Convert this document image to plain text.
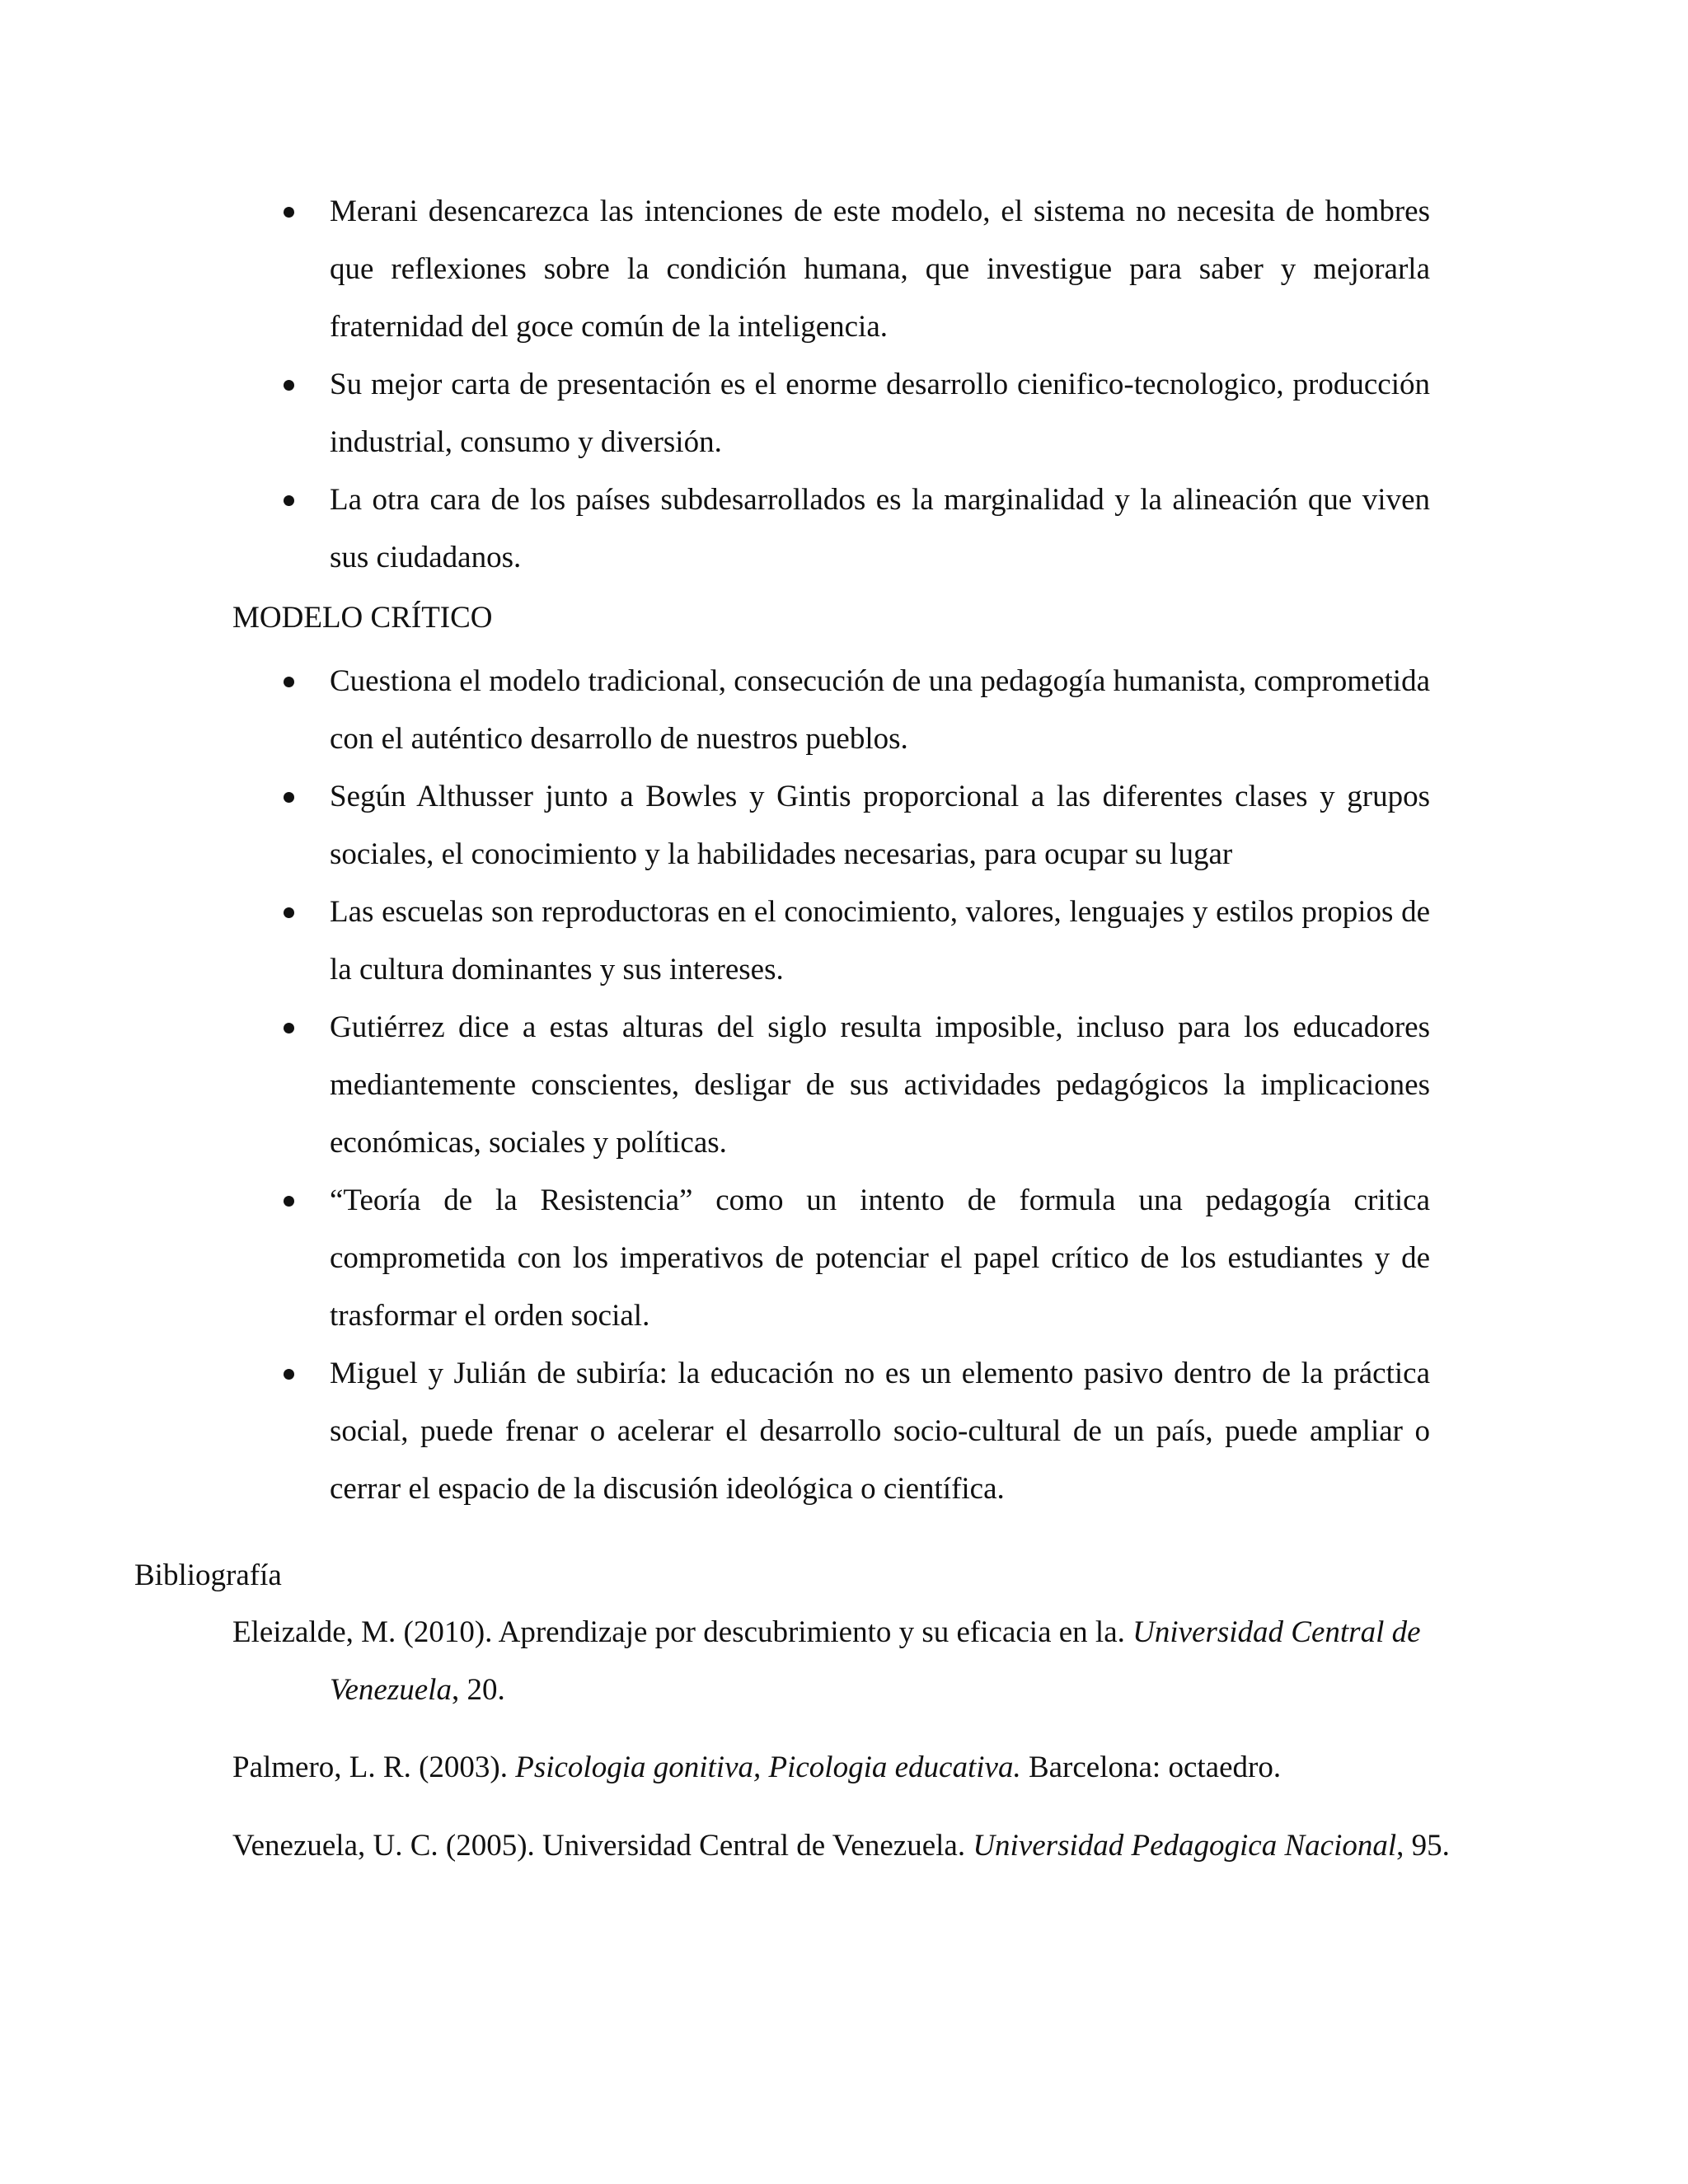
Merani desencarezca las intenciones de este modelo, el sistema no necesita de hombres que reflexiones sobre la condición humana, que investigue para saber y mejorarla fraternidad del goce común de la inteligencia.
Su mejor carta de presentación es el enorme desarrollo cienifico-tecnologico, producción industrial, consumo y diversión.
La otra cara de los países subdesarrollados es la marginalidad y la alineación que viven sus ciudadanos.
MODELO CRÍTICO
Cuestiona el modelo tradicional, consecución de una pedagogía humanista, comprometida con el auténtico desarrollo de nuestros pueblos.
Según Althusser junto a Bowles y Gintis proporcional a las diferentes clases y grupos sociales, el conocimiento y la habilidades necesarias, para ocupar su lugar
Las escuelas son reproductoras en el conocimiento, valores, lenguajes y estilos propios de la cultura dominantes y sus intereses.
Gutiérrez dice a estas alturas del siglo resulta imposible, incluso para los educadores mediantemente conscientes, desligar de sus actividades pedagógicos la implicaciones económicas, sociales y políticas.
“Teoría de la Resistencia” como un intento de formula una pedagogía critica comprometida con los imperativos de potenciar el papel crítico de los estudiantes y de trasformar el orden social.
Miguel y Julián de subiría: la educación no es un elemento pasivo dentro de la práctica social, puede frenar o acelerar el desarrollo socio-cultural de un país, puede ampliar o cerrar el espacio de la discusión ideológica o científica.
Bibliografía

Eleizalde, M. (2010). Aprendizaje por descubrimiento y su eficacia en la. Universidad Central de Venezuela, 20.

Palmero, L. R. (2003). Psicologia gonitiva, Picologia educativa. Barcelona: octaedro.

Venezuela, U. C. (2005). Universidad Central de Venezuela. Universidad Pedagogica Nacional, 95.
